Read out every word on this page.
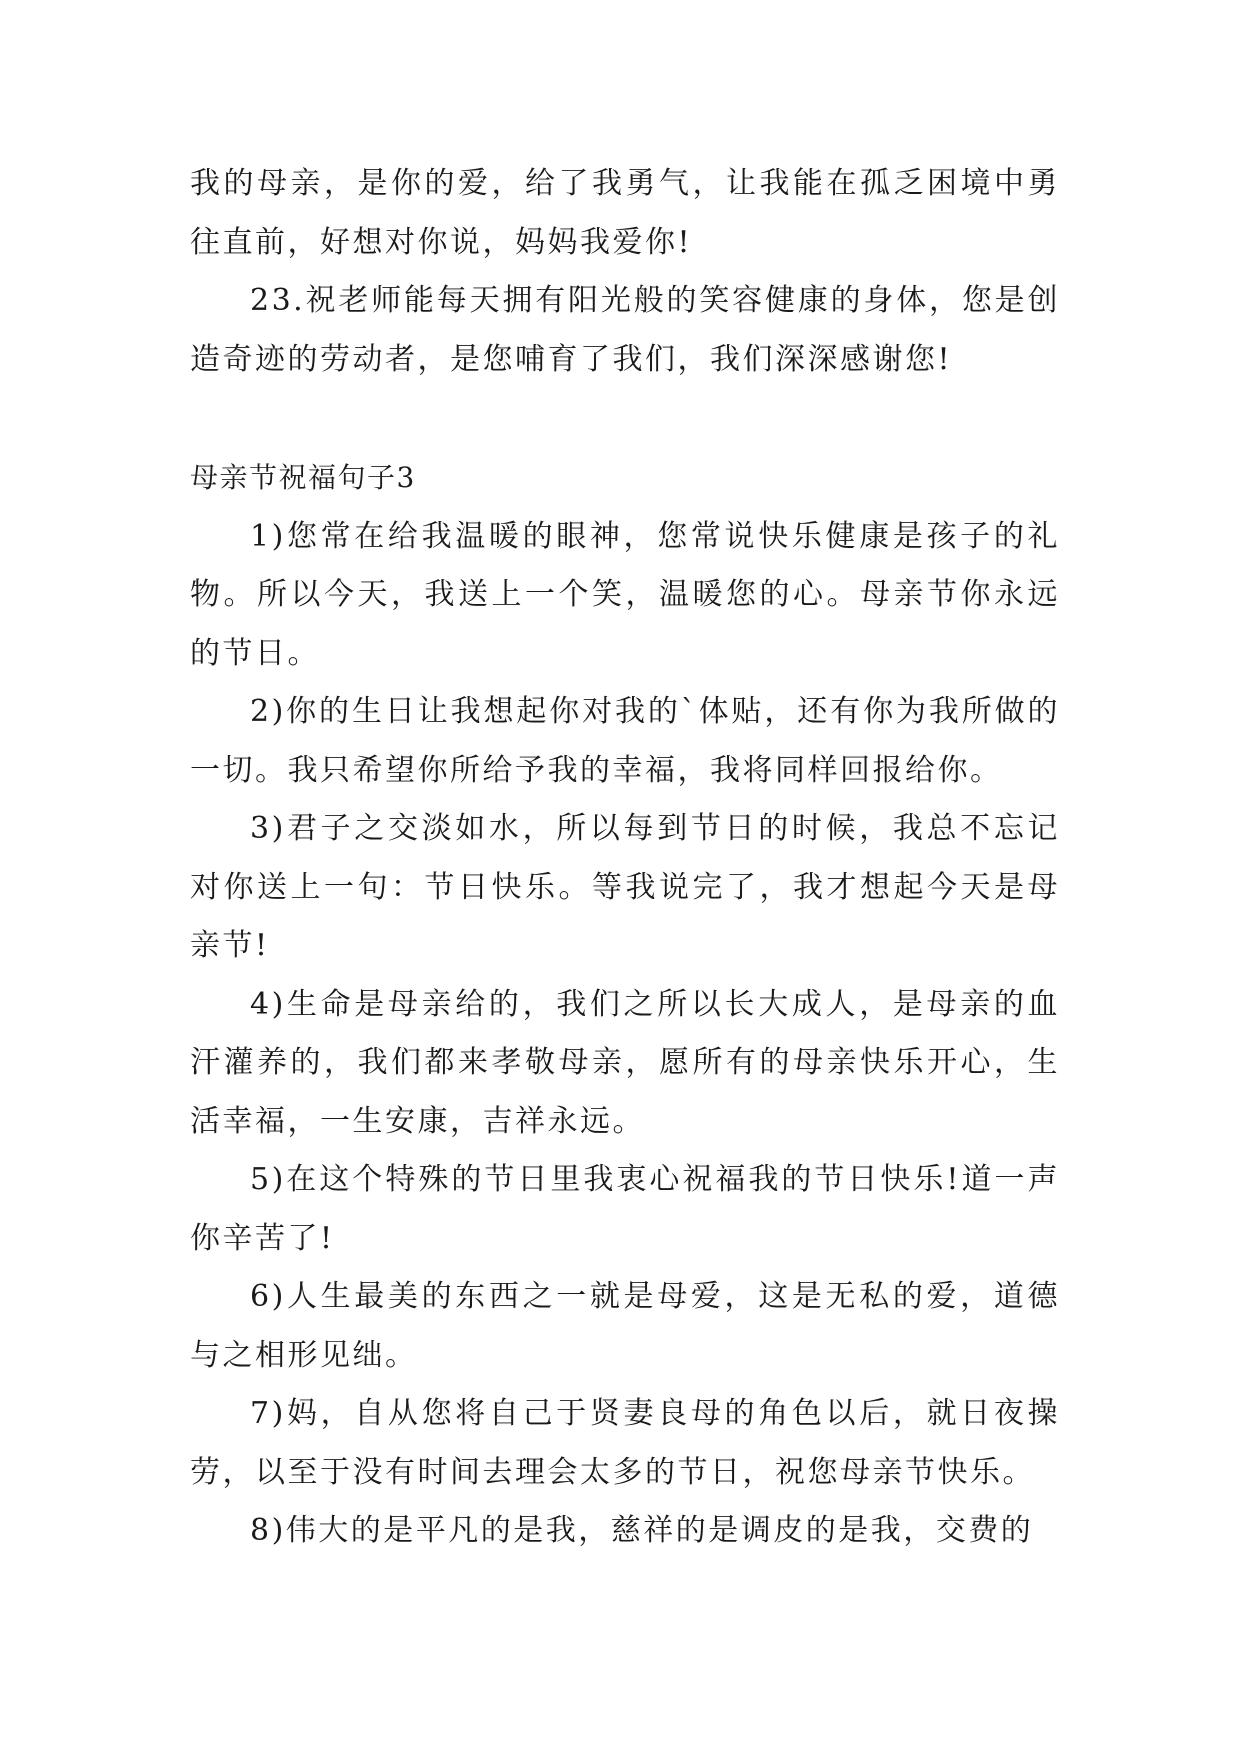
我的母亲，是你的爱，给了我勇气，让我能在孤乏困境中勇往直前，好想对你说，妈妈我爱你!

23.祝老师能每天拥有阳光般的笑容健康的身体，您是创造奇迹的劳动者，是您哺育了我们，我们深深感谢您!

母亲节祝福句子3

1)您常在给我温暖的眼神，您常说快乐健康是孩子的礼物。所以今天，我送上一个笑，温暖您的心。母亲节你永远的节日。

2)你的生日让我想起你对我的`体贴，还有你为我所做的一切。我只希望你所给予我的幸福，我将同样回报给你。

3)君子之交淡如水，所以每到节日的时候，我总不忘记对你送上一句：节日快乐。等我说完了，我才想起今天是母亲节!

4)生命是母亲给的，我们之所以长大成人，是母亲的血汗灌养的，我们都来孝敬母亲，愿所有的母亲快乐开心，生活幸福，一生安康，吉祥永远。

5)在这个特殊的节日里我衷心祝福我的节日快乐!道一声你辛苦了!

6)人生最美的东西之一就是母爱，这是无私的爱，道德与之相形见绌。

7)妈，自从您将自己于贤妻良母的角色以后，就日夜操劳，以至于没有时间去理会太多的节日，祝您母亲节快乐。

8)伟大的是平凡的是我，慈祥的是调皮的是我，交费的
